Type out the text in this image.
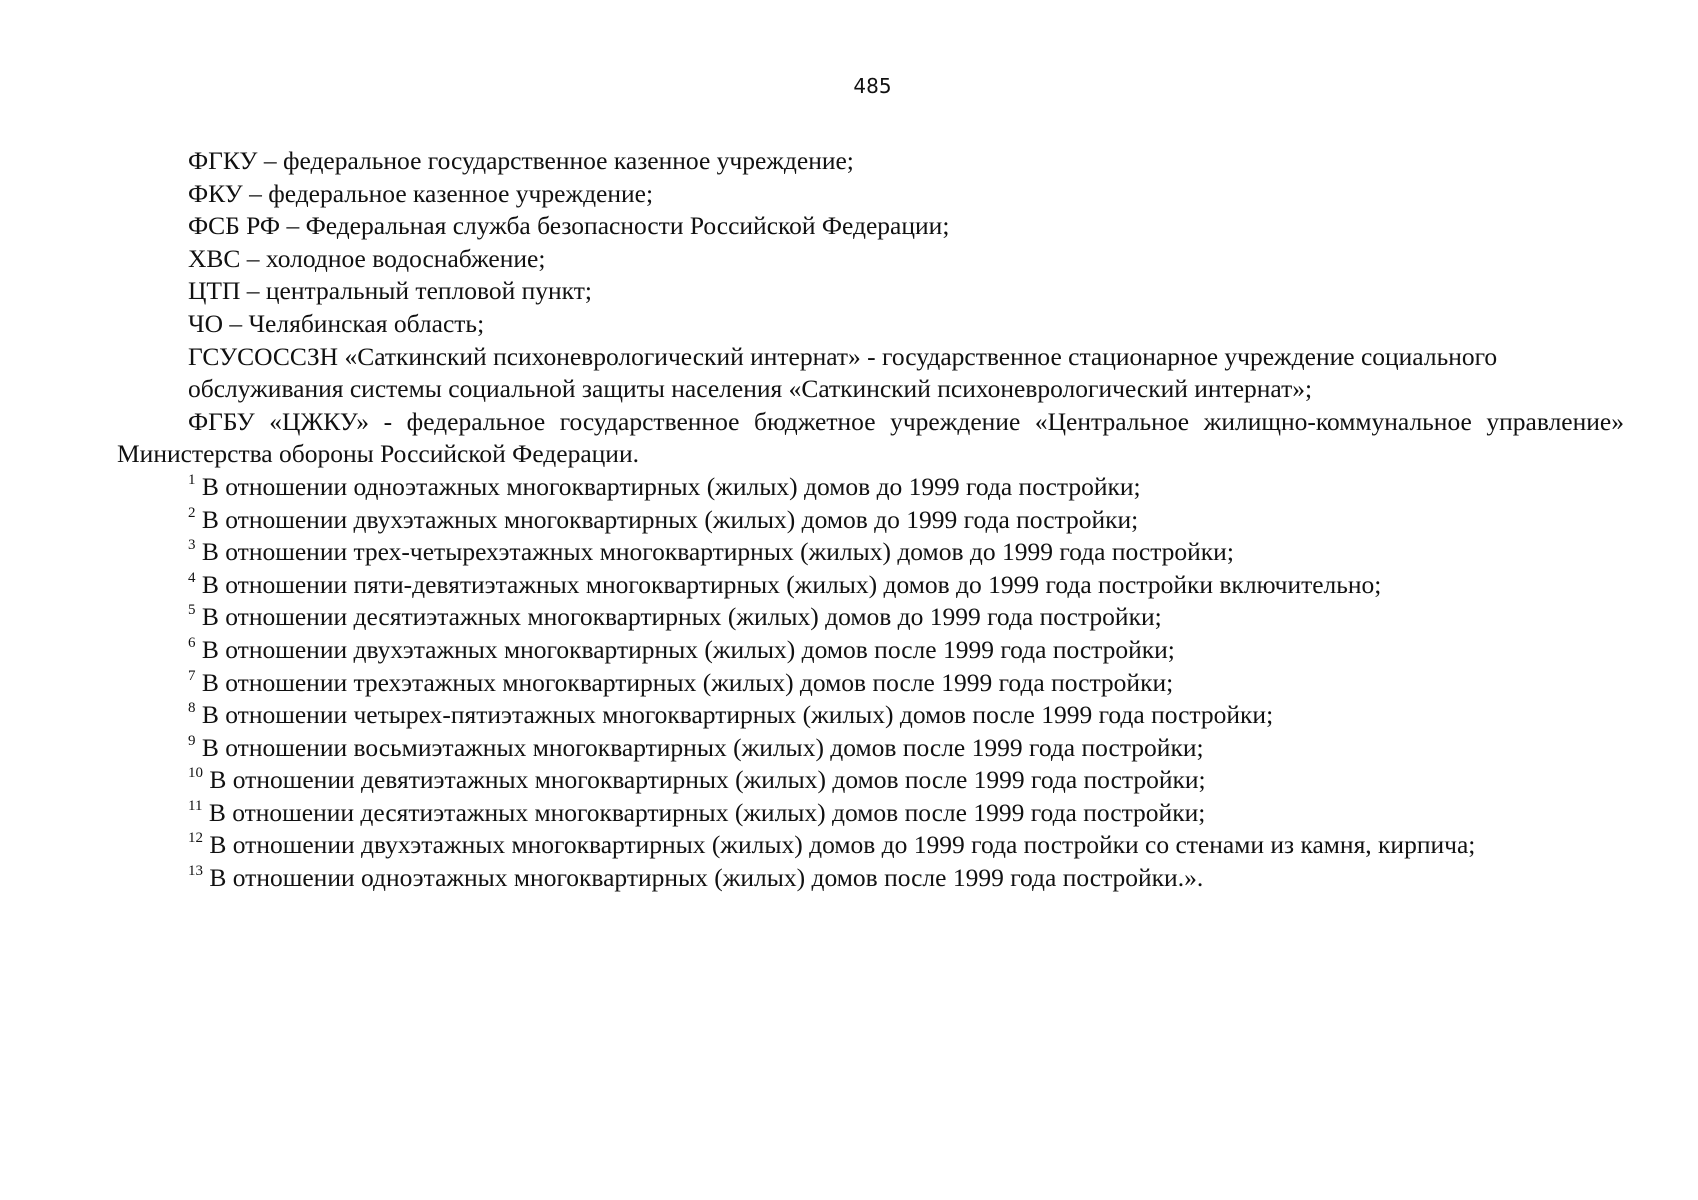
485

ФГКУ – федеральное государственное казенное учреждение;

ФКУ – федеральное казенное учреждение;

ФСБ РФ – Федеральная служба безопасности Российской Федерации;

ХВС – холодное водоснабжение;

ЦТП – центральный тепловой пункт;

ЧО – Челябинская область;

ГСУСОССЗН «Саткинский психоневрологический интернат» - государственное стационарное учреждение социального

обслуживания системы социальной защиты населения «Саткинский психоневрологический интернат»;

ФГБУ «ЦЖКУ» - федеральное государственное бюджетное учреждение «Центральное жилищно-коммунальное управление» Министерства обороны Российской Федерации.

$^1$ В отношении одноэтажных многоквартирных (жилых) домов до 1999 года постройки;

$^2$ В отношении двухэтажных многоквартирных (жилых) домов до 1999 года постройки;

$^3$ В отношении трех-четырехэтажных многоквартирных (жилых) домов до 1999 года постройки;

$^4$ В отношении пяти-девятиэтажных многоквартирных (жилых) домов до 1999 года постройки включительно;

$^5$ В отношении десятиэтажных многоквартирных (жилых) домов до 1999 года постройки;

$^6$ В отношении двухэтажных многоквартирных (жилых) домов после 1999 года постройки;

$^7$ В отношении трехэтажных многоквартирных (жилых) домов после 1999 года постройки;

$^8$ В отношении четырех-пятиэтажных многоквартирных (жилых) домов после 1999 года постройки;

$^9$ В отношении восьмиэтажных многоквартирных (жилых) домов после 1999 года постройки;

$^{10}$ В отношении девятиэтажных многоквартирных (жилых) домов после 1999 года постройки;

$^{11}$ В отношении десятиэтажных многоквартирных (жилых) домов после 1999 года постройки;

$^{12}$ В отношении двухэтажных многоквартирных (жилых) домов до 1999 года постройки со стенами из камня, кирпича;

$^{13}$ В отношении одноэтажных многоквартирных (жилых) домов после 1999 года постройки.».
